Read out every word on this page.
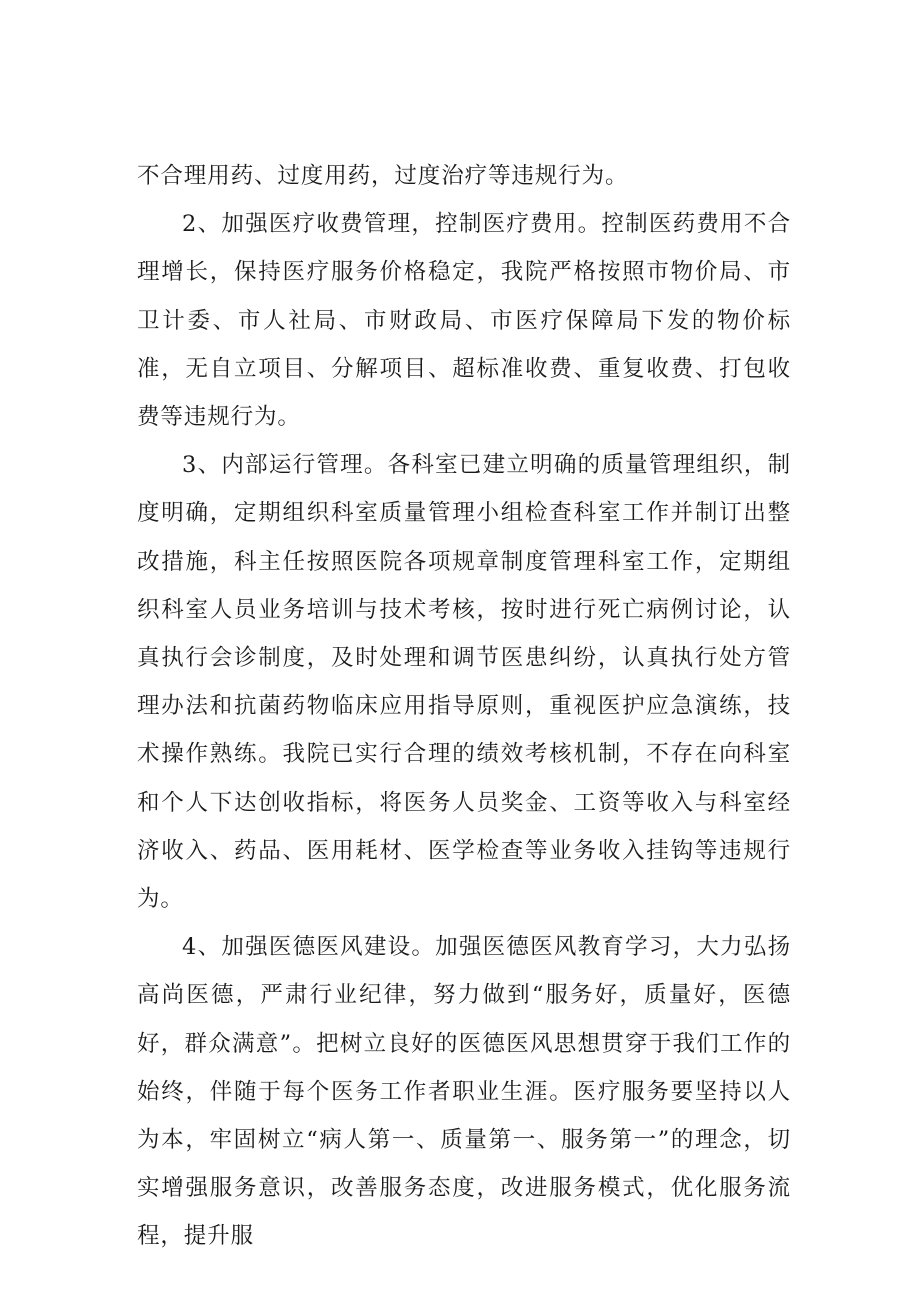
不合理用药、过度用药，过度治疗等违规行为。

2、加强医疗收费管理，控制医疗费用。控制医药费用不合理增长，保持医疗服务价格稳定，我院严格按照市物价局、市卫计委、市人社局、市财政局、市医疗保障局下发的物价标准，无自立项目、分解项目、超标准收费、重复收费、打包收费等违规行为。

3、内部运行管理。各科室已建立明确的质量管理组织，制度明确，定期组织科室质量管理小组检查科室工作并制订出整改措施，科主任按照医院各项规章制度管理科室工作，定期组织科室人员业务培训与技术考核，按时进行死亡病例讨论，认真执行会诊制度，及时处理和调节医患纠纷，认真执行处方管理办法和抗菌药物临床应用指导原则，重视医护应急演练，技术操作熟练。我院已实行合理的绩效考核机制，不存在向科室和个人下达创收指标，将医务人员奖金、工资等收入与科室经济收入、药品、医用耗材、医学检查等业务收入挂钩等违规行为。

4、加强医德医风建设。加强医德医风教育学习，大力弘扬高尚医德，严肃行业纪律，努力做到“服务好，质量好，医德好，群众满意”。把树立良好的医德医风思想贯穿于我们工作的始终，伴随于每个医务工作者职业生涯。医疗服务要坚持以人为本，牢固树立“病人第一、质量第一、服务第一”的理念，切实增强服务意识，改善服务态度，改进服务模式，优化服务流程，提升服
